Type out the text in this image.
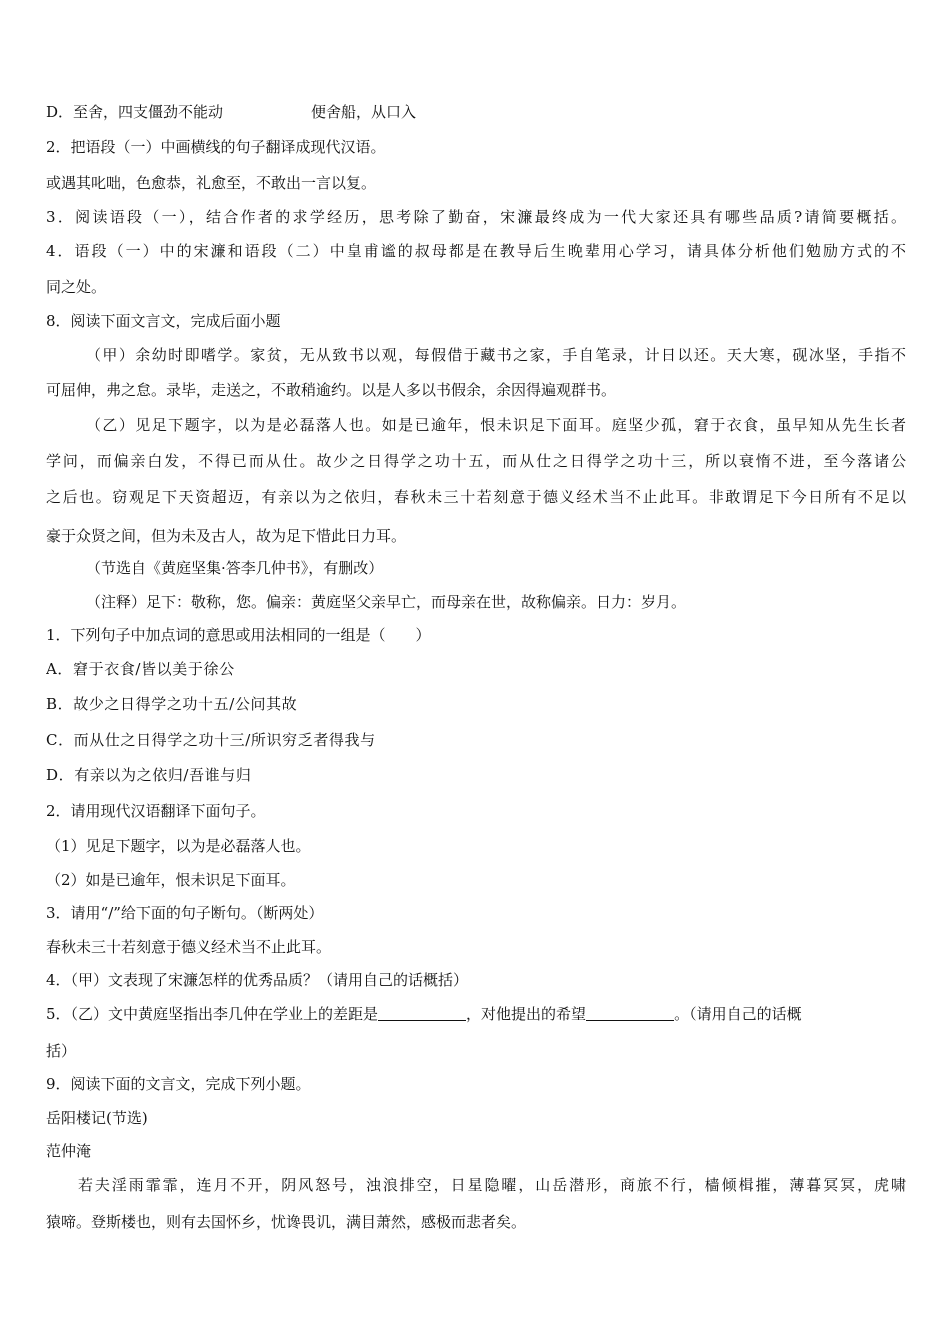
D．至舍，四支僵劲不能动	便舍船，从口入
2．把语段（一）中画横线的句子翻译成现代汉语。
或遇其叱咄，色愈恭，礼愈至，不敢出一言以复。
3．阅读语段（一），结合作者的求学经历，思考除了勤奋，宋濂最终成为一代大家还具有哪些品质?请简要概括。
4．语段（一）中的宋濂和语段（二）中皇甫谧的叔母都是在教导后生晚辈用心学习，请具体分析他们勉励方式的不
同之处。
8．阅读下面文言文，完成后面小题
（甲）余幼时即嗜学。家贫，无从致书以观，每假借于藏书之家，手自笔录，计日以还。天大寒，砚冰坚，手指不
可屈伸，弗之怠。录毕，走送之，不敢稍逾约。以是人多以书假余，余因得遍观群书。
（乙）见足下题字，以为是必磊落人也。如是已逾年，恨未识足下面耳。庭坚少孤，窘于衣食，虽早知从先生长者
学问，而偏亲白发，不得已而从仕。故少之日得学之功十五，而从仕之日得学之功十三，所以衰惰不进，至今落诸公
之后也。窃观足下天资超迈，有亲以为之依归，春秋未三十若刻意于德义经术当不止此耳。非敢谓足下今日所有不足以
豪于众贤之间，但为未及古人，故为足下惜此日力耳。
（节选自《黄庭坚集·答李几仲书》，有删改）
（注释）足下：敬称，您。偏亲：黄庭坚父亲早亡，而母亲在世，故称偏亲。日力：岁月。
1．下列句子中加点词的意思或用法相同的一组是（　　）
A．窘于衣食/皆以美于徐公
B．故少之日得学之功十五/公问其故
C．而从仕之日得学之功十三/所识穷乏者得我与
D．有亲以为之依归/吾谁与归
2．请用现代汉语翻译下面句子。
（1）见足下题字，以为是必磊落人也。
（2）如是已逾年，恨未识足下面耳。
3．请用“/”给下面的句子断句。（断两处）
春秋未三十若刻意于德义经术当不止此耳。
4．（甲）文表现了宋濂怎样的优秀品质？（请用自己的话概括）
5．（乙）文中黄庭坚指出李几仲在学业上的差距是	，对他提出的希望	。（请用自己的话概
括）
9．阅读下面的文言文，完成下列小题。
岳阳楼记(节选)
范仲淹
若夫淫雨霏霏，连月不开，阴风怒号，浊浪排空，日星隐曜，山岳潜形，商旅不行，樯倾楫摧，薄暮冥冥，虎啸
猿啼。登斯楼也，则有去国怀乡，忧谗畏讥，满目萧然，感极而悲者矣。
